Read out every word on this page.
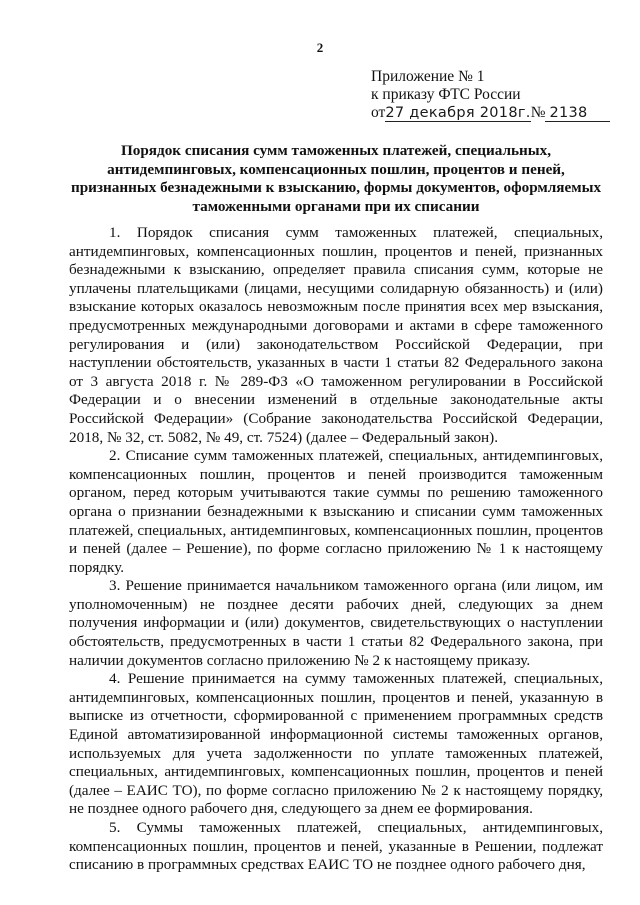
2
Приложение № 1
к приказу ФТС России
от27 декабря 2018г.№ 2138
Порядок списания сумм таможенных платежей, специальных, антидемпинговых, компенсационных пошлин, процентов и пеней, признанных безнадежными к взысканию, формы документов, оформляемых таможенными органами при их списании

1. Порядок списания сумм таможенных платежей, специальных, антидемпинговых, компенсационных пошлин, процентов и пеней, признанных безнадежными к взысканию, определяет правила списания сумм, которые не уплачены плательщиками (лицами, несущими солидарную обязанность) и (или) взыскание которых оказалось невозможным после принятия всех мер взыскания, предусмотренных международными договорами и актами в сфере таможенного регулирования и (или) законодательством Российской Федерации, при наступлении обстоятельств, указанных в части 1 статьи 82 Федерального закона от 3 августа 2018 г. № 289-ФЗ «О таможенном регулировании в Российской Федерации и о внесении изменений в отдельные законодательные акты Российской Федерации» (Собрание законодательства Российской Федерации, 2018, № 32, ст. 5082, № 49, ст. 7524) (далее – Федеральный закон).

2. Списание сумм таможенных платежей, специальных, антидемпинговых, компенсационных пошлин, процентов и пеней производится таможенным органом, перед которым учитываются такие суммы по решению таможенного органа о признании безнадежными к взысканию и списании сумм таможенных платежей, специальных, антидемпинговых, компенсационных пошлин, процентов и пеней (далее – Решение), по форме согласно приложению № 1 к настоящему порядку.

3. Решение принимается начальником таможенного органа (или лицом, им уполномоченным) не позднее десяти рабочих дней, следующих за днем получения информации и (или) документов, свидетельствующих о наступлении обстоятельств, предусмотренных в части 1 статьи 82 Федерального закона, при наличии документов согласно приложению № 2 к настоящему приказу.

4. Решение принимается на сумму таможенных платежей, специальных, антидемпинговых, компенсационных пошлин, процентов и пеней, указанную в выписке из отчетности, сформированной с применением программных средств Единой автоматизированной информационной системы таможенных органов, используемых для учета задолженности по уплате таможенных платежей, специальных, антидемпинговых, компенсационных пошлин, процентов и пеней (далее – ЕАИС ТО), по форме согласно приложению № 2 к настоящему порядку, не позднее одного рабочего дня, следующего за днем ее формирования.

5. Суммы таможенных платежей, специальных, антидемпинговых, компенсационных пошлин, процентов и пеней, указанные в Решении, подлежат списанию в программных средствах ЕАИС ТО не позднее одного рабочего дня,
